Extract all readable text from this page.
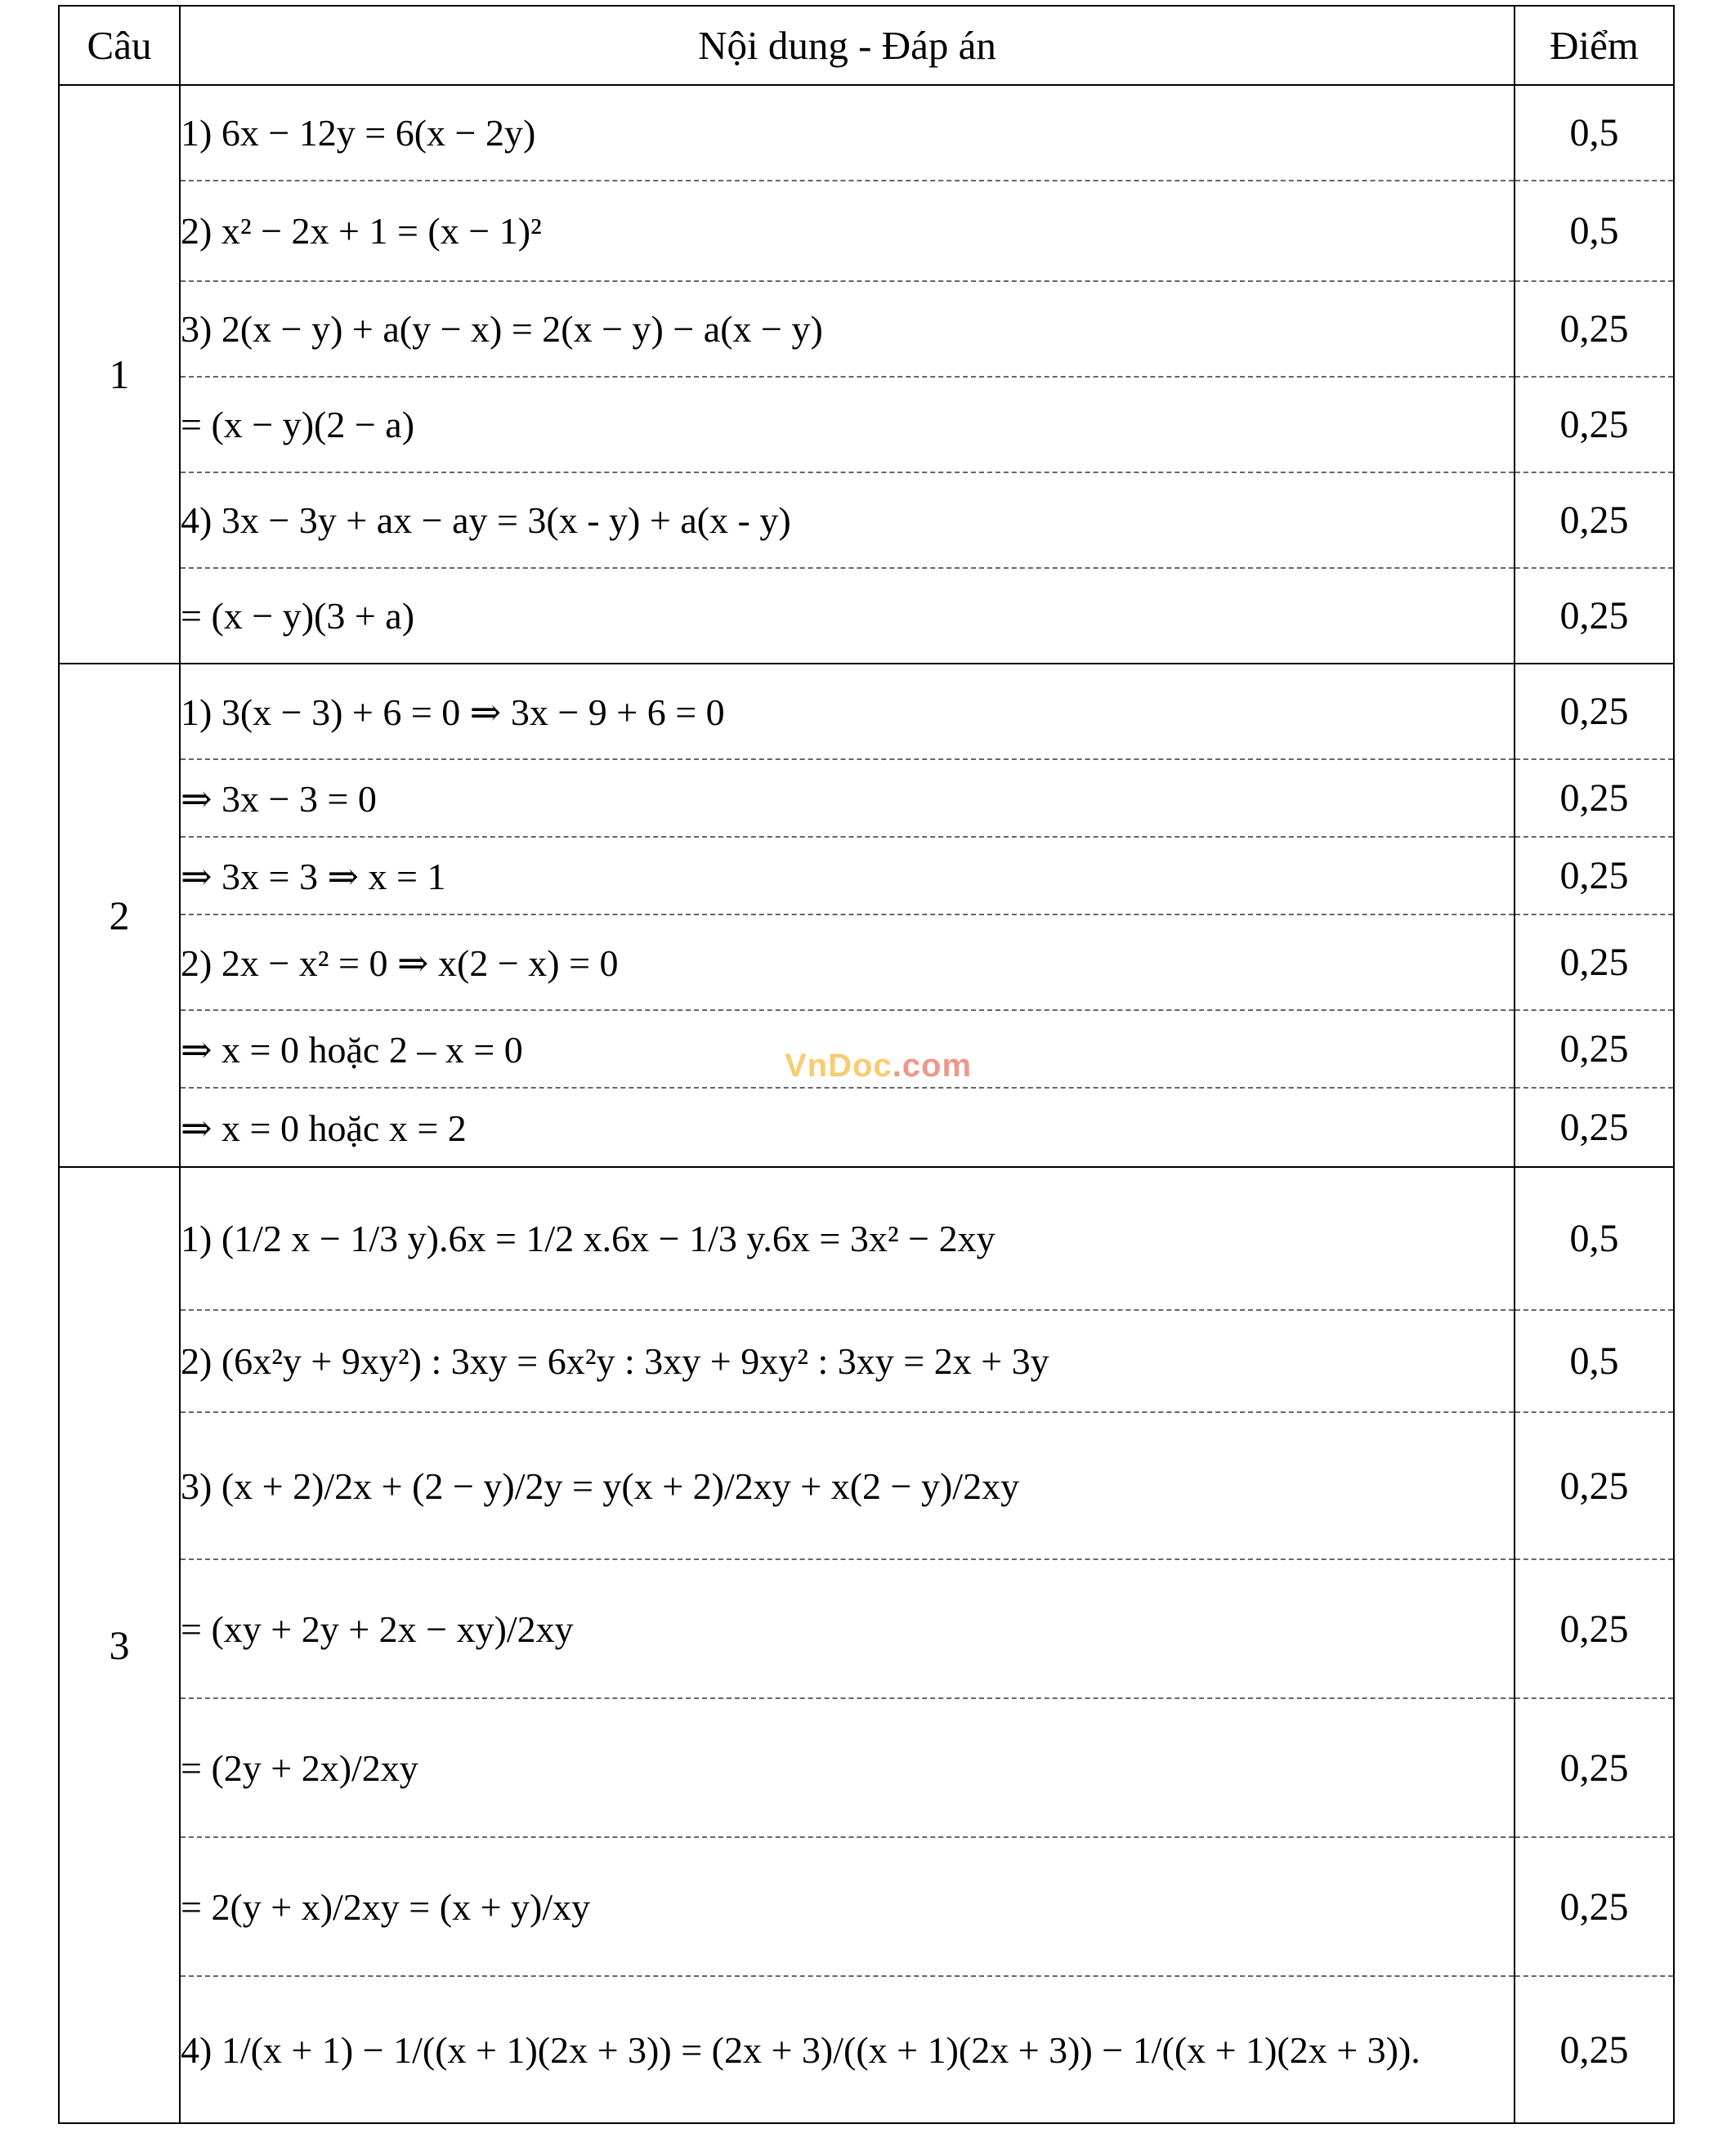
Câu	Nội dung - Đáp án	Điểm
1	1) 6x − 12y = 6(x − 2y)	0,5
	2) x² − 2x + 1 = (x − 1)²	0,5
	3) 2(x − y) + a(y − x) = 2(x − y) − a(x − y)	0,25
	= (x − y)(2 − a)	0,25
	4) 3x − 3y + ax − ay = 3(x - y) + a(x - y)	0,25
	= (x − y)(3 + a)	0,25
2	1) 3(x − 3) + 6 = 0 ⇒ 3x − 9 + 6 = 0	0,25
	⇒ 3x − 3 = 0	0,25
	⇒ 3x = 3 ⇒ x = 1	0,25
	2) 2x − x² = 0 ⇒ x(2 − x) = 0	0,25
	⇒ x = 0 hoặc 2 – x = 0	0,25
	⇒ x = 0 hoặc x = 2	0,25
3	1) (1/2 x − 1/3 y).6x = 1/2 x.6x − 1/3 y.6x = 3x² − 2xy	0,5
	2) (6x²y + 9xy²) : 3xy = 6x²y : 3xy + 9xy² : 3xy = 2x + 3y	0,5
	3) (x + 2)/2x + (2 − y)/2y = y(x + 2)/2xy + x(2 − y)/2xy	0,25
	= (xy + 2y + 2x − xy)/2xy	0,25
	= (2y + 2x)/2xy	0,25
	= 2(y + x)/2xy = (x + y)/xy	0,25
	4) 1/(x + 1) − 1/((x + 1)(2x + 3)) = (2x + 3)/((x + 1)(2x + 3)) − 1/((x + 1)(2x + 3)).	0,25
VnDoc.com
